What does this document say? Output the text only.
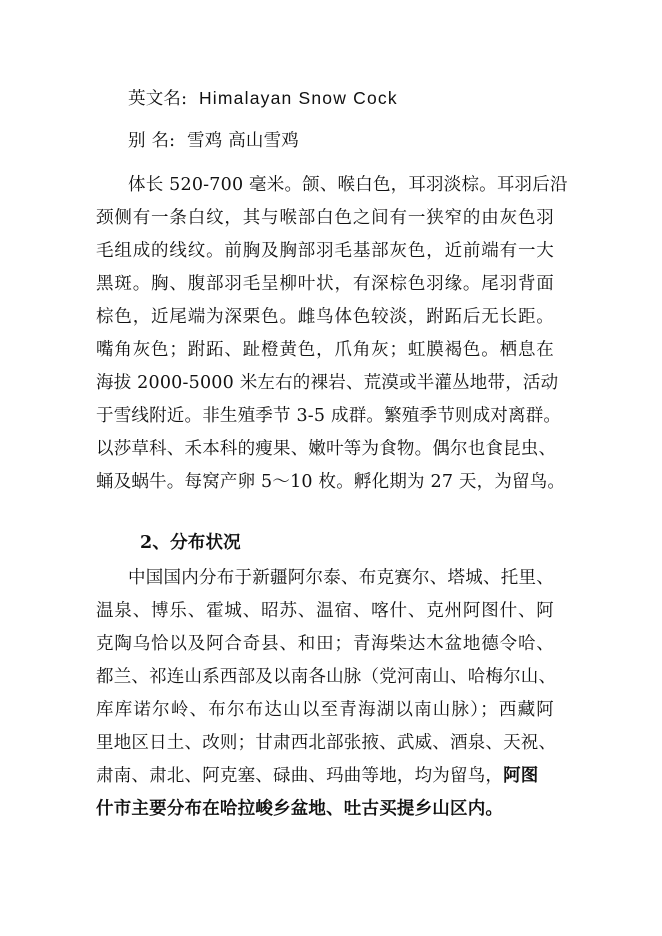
英文名: Himalayan Snow Cock
别 名: 雪鸡 高山雪鸡
体长 520-700 毫米。颌、喉白色，耳羽淡棕。耳羽后沿
颈侧有一条白纹，其与喉部白色之间有一狭窄的由灰色羽
毛组成的线纹。前胸及胸部羽毛基部灰色，近前端有一大
黑斑。胸、腹部羽毛呈柳叶状，有深棕色羽缘。尾羽背面
棕色，近尾端为深栗色。雌鸟体色较淡，跗跖后无长距。
嘴角灰色；跗跖、趾橙黄色，爪角灰；虹膜褐色。栖息在
海拔 2000-5000 米左右的裸岩、荒漠或半灌丛地带，活动
于雪线附近。非生殖季节 3-5 成群。繁殖季节则成对离群。
以莎草科、禾本科的瘦果、嫩叶等为食物。偶尔也食昆虫、
蛹及蜗牛。每窝产卵 5～10 枚。孵化期为 27 天，为留鸟。
2、分布状况
中国国内分布于新疆阿尔泰、布克赛尔、塔城、托里、
温泉、博乐、霍城、昭苏、温宿、喀什、克州阿图什、阿
克陶乌恰以及阿合奇县、和田；青海柴达木盆地德令哈、
都兰、祁连山系西部及以南各山脉（党河南山、哈梅尔山、
库库诺尔岭、布尔布达山以至青海湖以南山脉）；西藏阿
里地区日土、改则；甘肃西北部张掖、武威、酒泉、天祝、
肃南、肃北、阿克塞、碌曲、玛曲等地，均为留鸟，阿图
什市主要分布在哈拉峻乡盆地、吐古买提乡山区内。
